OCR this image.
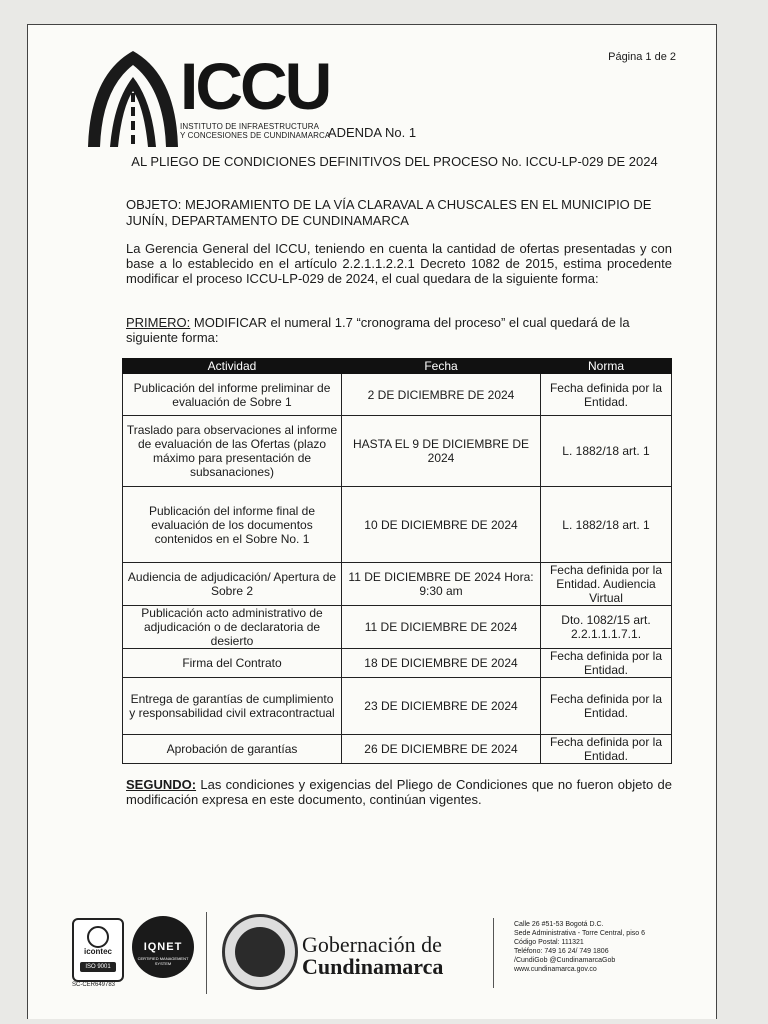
ICCU
INSTITUTO DE INFRAESTRUCTURA
Y CONCESIONES DE CUNDINAMARCA
Página 1 de 2
ADENDA No. 1
AL PLIEGO DE CONDICIONES DEFINITIVOS DEL PROCESO No. ICCU-LP-029 DE 2024
OBJETO: MEJORAMIENTO DE LA VÍA CLARAVAL A CHUSCALES EN EL MUNICIPIO DE JUNÍN, DEPARTAMENTO DE CUNDINAMARCA
La Gerencia General del ICCU, teniendo en cuenta la cantidad de ofertas presentadas y con base a lo establecido en el artículo 2.2.1.1.2.2.1 Decreto 1082 de 2015, estima procedente modificar el proceso ICCU-LP-029 de 2024, el cual quedara de la siguiente forma:
PRIMERO: MODIFICAR el numeral 1.7 “cronograma del proceso” el cual quedará de la siguiente forma:
Actividad	Fecha	Norma
Publicación del informe preliminar de evaluación de Sobre 1	2 DE DICIEMBRE DE 2024	Fecha definida por la Entidad.
Traslado para observaciones al informe de evaluación de las Ofertas (plazo máximo para presentación de subsanaciones)	HASTA EL 9 DE DICIEMBRE DE 2024	L. 1882/18 art. 1
Publicación del informe final de evaluación de los documentos contenidos en el Sobre No. 1	10 DE DICIEMBRE DE 2024	L. 1882/18 art. 1
Audiencia de adjudicación/ Apertura de Sobre 2	11 DE DICIEMBRE DE 2024 Hora: 9:30 am	Fecha definida por la Entidad. Audiencia Virtual
Publicación acto administrativo de adjudicación o de declaratoria de desierto	11 DE DICIEMBRE DE 2024	Dto. 1082/15 art. 2.2.1.1.1.7.1.
Firma del Contrato	18 DE DICIEMBRE DE 2024	Fecha definida por la Entidad.
Entrega de garantías de cumplimiento y responsabilidad civil extracontractual	23 DE DICIEMBRE DE 2024	Fecha definida por la Entidad.
Aprobación de garantías	26 DE DICIEMBRE DE 2024	Fecha definida por la Entidad.
SEGUNDO: Las condiciones y exigencias del Pliego de Condiciones que no fueron objeto de modificación expresa en este documento, continúan vigentes.
icontec
ISO 9001
SC-CER649783
IQNET
CERTIFIED MANAGEMENT SYSTEM
Gobernación de
Cundinamarca
Calle 26 #51-53 Bogotá D.C.
Sede Administrativa - Torre Central, piso 6
Código Postal: 111321
Teléfono: 749 16 24/ 749 1806
/CundiGob @CundinamarcaGob
www.cundinamarca.gov.co
